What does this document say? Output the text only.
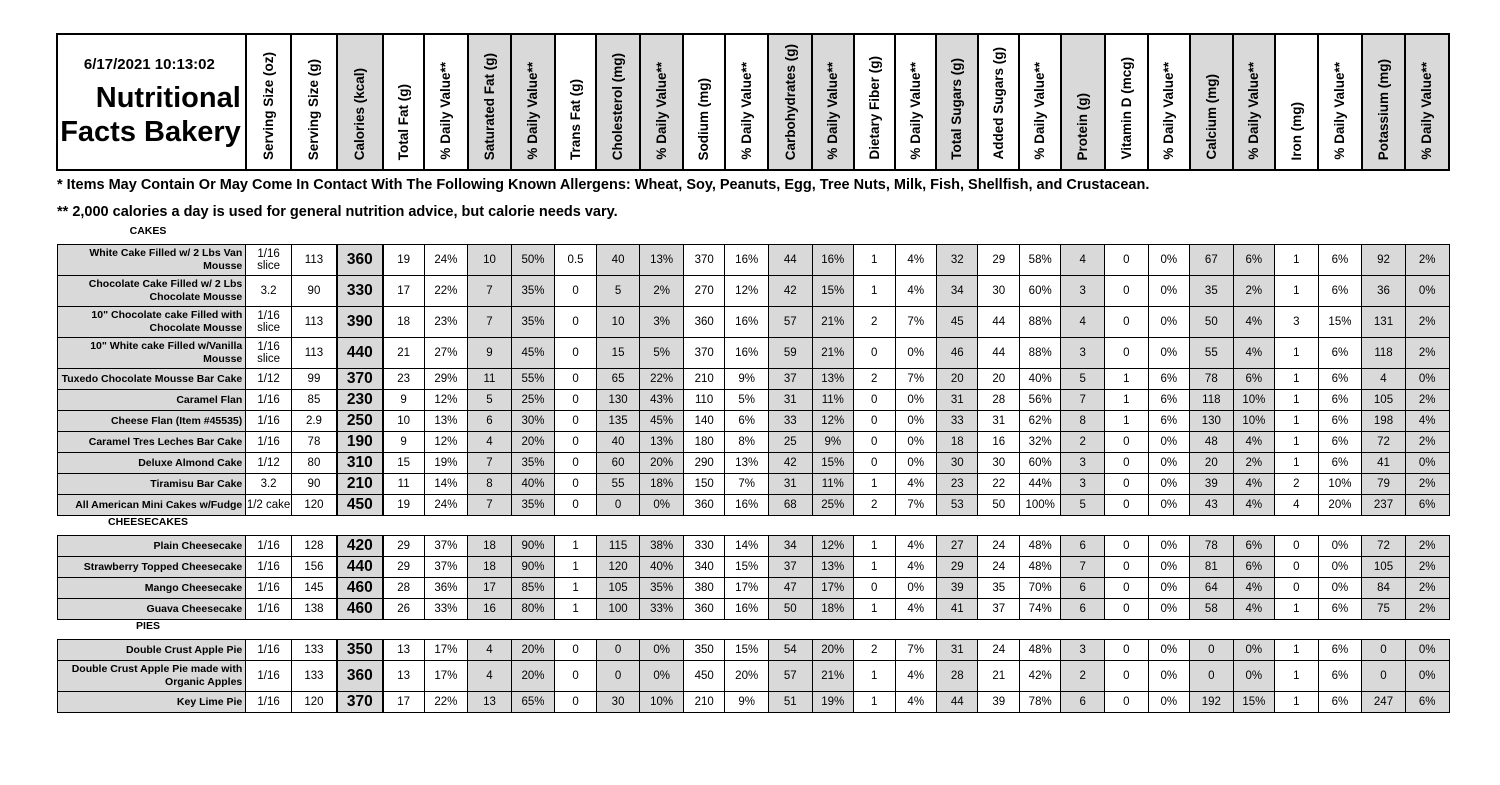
6/17/2021 10:13:02
Nutritional Facts Bakery	Serving Size (oz)	Serving Size (g)	Calories (kcal)	Total Fat (g)	% Daily Value**	Saturated Fat (g)	% Daily Value**	Trans Fat (g)	Cholesterol (mg)	% Daily Value**	Sodium (mg)	% Daily Value**	Carbohydrates (g)	% Daily Value**	Dietary Fiber (g)	% Daily Value**	Total Sugars (g)	Added Sugars (g)	% Daily Value**	Protein (g)	Vitamin D (mcg)	% Daily Value**	Calcium (mg)	% Daily Value**	Iron (mg)	% Daily Value**	Potassium (mg)	% Daily Value**
* Items May Contain Or May Come In Contact With The Following Known Allergens: Wheat, Soy, Peanuts, Egg, Tree Nuts, Milk, Fish, Shellfish, and Crustacean.																												
** 2,000 calories a day is used for general nutrition advice, but calorie needs vary.																												
CAKES																												
White Cake Filled w/ 2 Lbs Van Mousse	1/16 slice	113	360	19	24%	10	50%	0.5	40	13%	370	16%	44	16%	1	4%	32	29	58%	4	0	0%	67	6%	1	6%	92	2%
Chocolate Cake Filled w/ 2 Lbs Chocolate Mousse	3.2	90	330	17	22%	7	35%	0	5	2%	270	12%	42	15%	1	4%	34	30	60%	3	0	0%	35	2%	1	6%	36	0%
10" Chocolate cake Filled with Chocolate Mousse	1/16 slice	113	390	18	23%	7	35%	0	10	3%	360	16%	57	21%	2	7%	45	44	88%	4	0	0%	50	4%	3	15%	131	2%
10" White cake Filled w/Vanilla Mousse	1/16 slice	113	440	21	27%	9	45%	0	15	5%	370	16%	59	21%	0	0%	46	44	88%	3	0	0%	55	4%	1	6%	118	2%
Tuxedo Chocolate Mousse Bar Cake	1/12	99	370	23	29%	11	55%	0	65	22%	210	9%	37	13%	2	7%	20	20	40%	5	1	6%	78	6%	1	6%	4	0%
Caramel Flan	1/16	85	230	9	12%	5	25%	0	130	43%	110	5%	31	11%	0	0%	31	28	56%	7	1	6%	118	10%	1	6%	105	2%
Cheese Flan (Item #45535)	1/16	2.9	250	10	13%	6	30%	0	135	45%	140	6%	33	12%	0	0%	33	31	62%	8	1	6%	130	10%	1	6%	198	4%
Caramel Tres Leches Bar Cake	1/16	78	190	9	12%	4	20%	0	40	13%	180	8%	25	9%	0	0%	18	16	32%	2	0	0%	48	4%	1	6%	72	2%
Deluxe Almond Cake	1/12	80	310	15	19%	7	35%	0	60	20%	290	13%	42	15%	0	0%	30	30	60%	3	0	0%	20	2%	1	6%	41	0%
Tiramisu Bar Cake	3.2	90	210	11	14%	8	40%	0	55	18%	150	7%	31	11%	1	4%	23	22	44%	3	0	0%	39	4%	2	10%	79	2%
All American Mini Cakes w/Fudge	1/2 cake	120	450	19	24%	7	35%	0	0	0%	360	16%	68	25%	2	7%	53	50	100%	5	0	0%	43	4%	4	20%	237	6%
CHEESECAKES																												
Plain Cheesecake	1/16	128	420	29	37%	18	90%	1	115	38%	330	14%	34	12%	1	4%	27	24	48%	6	0	0%	78	6%	0	0%	72	2%
Strawberry Topped Cheesecake	1/16	156	440	29	37%	18	90%	1	120	40%	340	15%	37	13%	1	4%	29	24	48%	7	0	0%	81	6%	0	0%	105	2%
Mango Cheesecake	1/16	145	460	28	36%	17	85%	1	105	35%	380	17%	47	17%	0	0%	39	35	70%	6	0	0%	64	4%	0	0%	84	2%
Guava Cheesecake	1/16	138	460	26	33%	16	80%	1	100	33%	360	16%	50	18%	1	4%	41	37	74%	6	0	0%	58	4%	1	6%	75	2%
PIES																												
Double Crust Apple Pie	1/16	133	350	13	17%	4	20%	0	0	0%	350	15%	54	20%	2	7%	31	24	48%	3	0	0%	0	0%	1	6%	0	0%
Double Crust Apple Pie made with Organic Apples	1/16	133	360	13	17%	4	20%	0	0	0%	450	20%	57	21%	1	4%	28	21	42%	2	0	0%	0	0%	1	6%	0	0%
Key Lime Pie	1/16	120	370	17	22%	13	65%	0	30	10%	210	9%	51	19%	1	4%	44	39	78%	6	0	0%	192	15%	1	6%	247	6%
